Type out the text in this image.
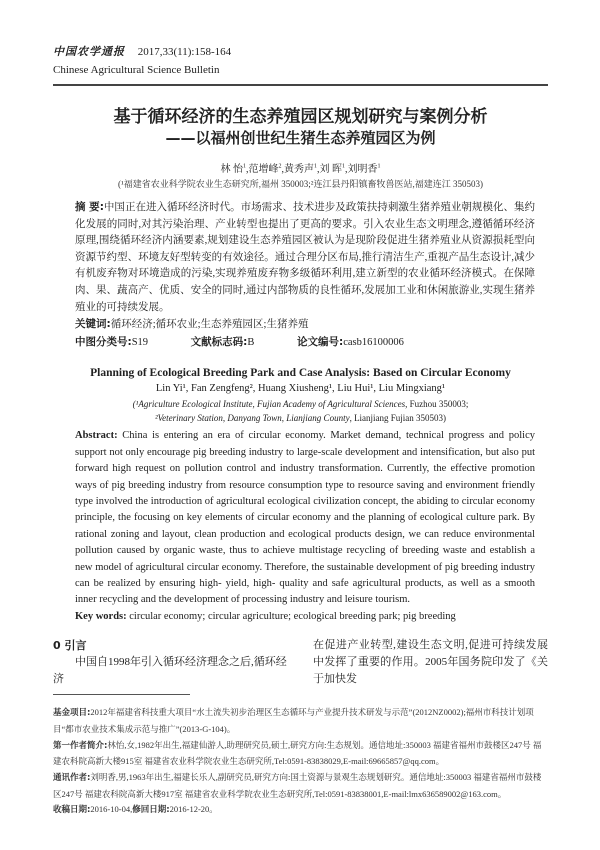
中国农学通报 2017,33(11):158-164
Chinese Agricultural Science Bulletin
基于循环经济的生态养殖园区规划研究与案例分析
——以福州创世纪生猪生态养殖园区为例
林 怡$^1$,范增峰$^2$,黄秀声$^1$,刘 晖$^1$,刘明香$^1$
(¹福建省农业科学院农业生态研究所,福州 350003;²连江县丹阳镇畜牧兽医站,福建连江 350503)
摘 要:中国正在进入循环经济时代。市场需求、技术进步及政策扶持刺激生猪养殖业朝规模化、集约化发展的同时,对其污染治理、产业转型也提出了更高的要求。引入农业生态文明理念,遵循循环经济原理,围绕循环经济内涵要素,规划建设生态养殖园区被认为是现阶段促进生猪养殖业从资源损耗型向资源节约型、环境友好型转变的有效途径。通过合理分区布局,推行清洁生产,重视产品生态设计,减少有机废弃物对环境造成的污染,实现养殖废弃物多级循环利用,建立新型的农业循环经济模式。在保障肉、果、蔬高产、优质、安全的同时,通过内部物质的良性循环,发展加工业和休闲旅游业,实现生猪养殖业的可持续发展。
关键词:循环经济;循环农业;生态养殖园区;生猪养殖
中图分类号:S19	文献标志码:B	论文编号:casb16100006
Planning of Ecological Breeding Park and Case Analysis: Based on Circular Economy
Lin Yi¹, Fan Zengfeng², Huang Xiusheng¹, Liu Hui¹, Liu Mingxiang¹
(¹Agriculture Ecological Institute, Fujian Academy of Agricultural Sciences, Fuzhou 350003;
²Veterinary Station, Danyang Town, Lianjiang County, Lianjiang Fujian 350503)
Abstract: China is entering an era of circular economy. Market demand, technical progress and policy support not only encourage pig breeding industry to large-scale development and intensification, but also put forward high request on pollution control and industry transformation. Currently, the effective promotion ways of pig breeding industry from resource consumption type to resource saving and environment friendly type involved the introduction of agricultural ecological civilization concept, the abiding to circular economy principle, the focusing on key elements of circular economy and the planning of ecological culture park. By rational zoning and layout, clean production and ecological products design, we can reduce environmental pollution caused by organic waste, thus to achieve multistage recycling of breeding waste and establish a new model of agricultural circular economy. Therefore, the sustainable development of pig breeding industry can be realized by ensuring high- yield, high- quality and safe agricultural products, as well as a smooth inner recycling and the development of processing industry and leisure tourism.
Key words: circular economy; circular agriculture; ecological breeding park; pig breeding
0 引言
中国自1998年引入循环经济理念之后,循环经济
在促进产业转型,建设生态文明,促进可持续发展中发挥了重要的作用。2005年国务院印发了《关于加快发

基金项目:2012年福建省科技重大项目“水土流失初步治理区生态循环与产业提升技术研发与示范”(2012NZ0002);福州市科技计划项目“都市农业技术集成示范与推广”(2013-G-104)。

第一作者简介:林怡,女,1982年出生,福建仙游人,助理研究员,硕士,研究方向:生态规划。通信地址:350003 福建省福州市鼓楼区247号 福建农科院高新大楼915室 福建省农业科学院农业生态研究所,Tel:0591-83838029,E-mail:69665857@qq.com。

通讯作者:刘明香,男,1963年出生,福建长乐人,副研究员,研究方向:国土资源与景观生态规划研究。通信地址:350003 福建省福州市鼓楼区247号 福建农科院高新大楼917室 福建省农业科学院农业生态研究所,Tel:0591-83838001,E-mail:lmx636589002@163.com。

收稿日期:2016-10-04,修回日期:2016-12-20。
